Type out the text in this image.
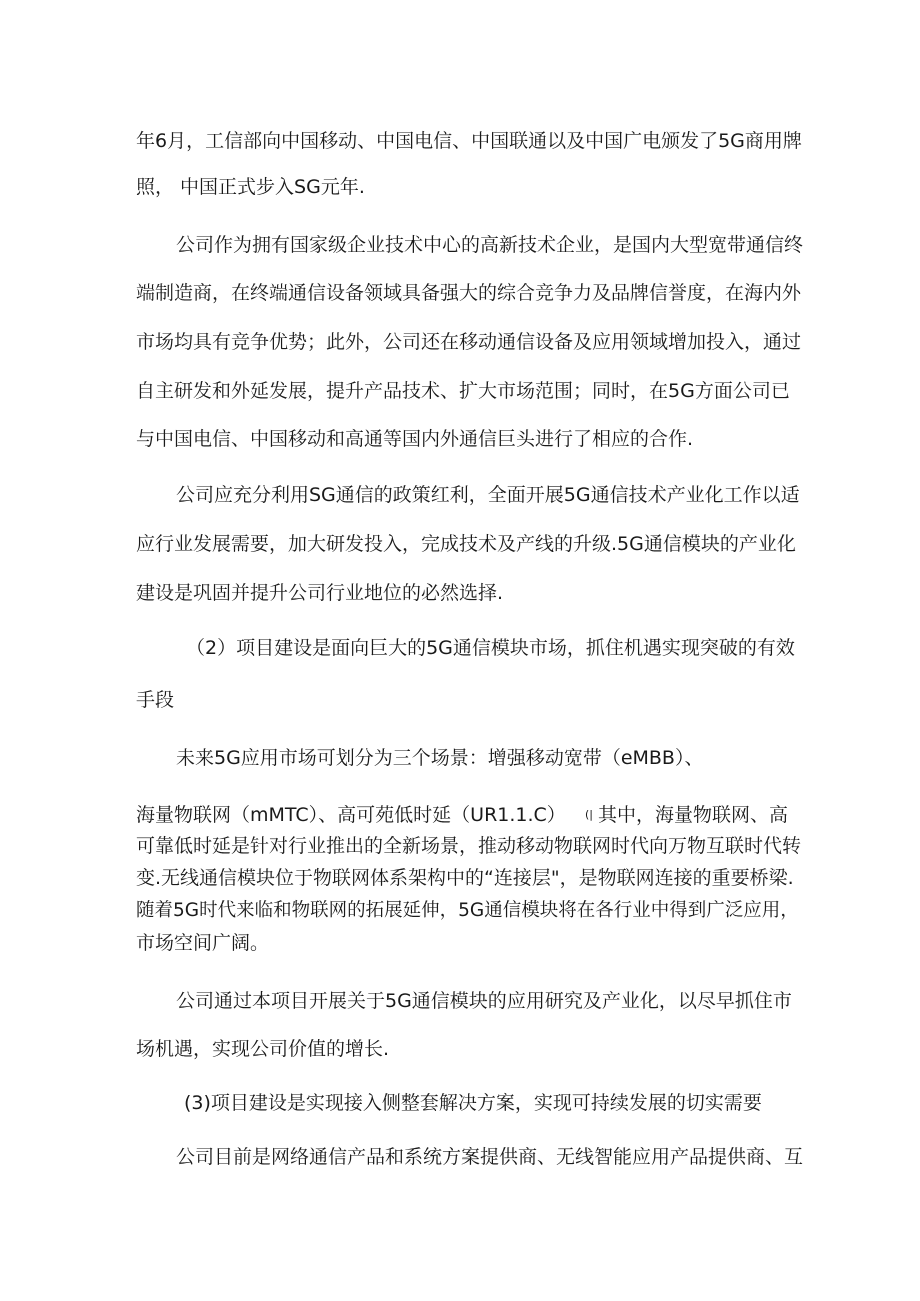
年6月，工信部向中国移动、中国电信、中国联通以及中国广电颁发了5G商用牌
照， 中国正式步入SG元年.
公司作为拥有国家级企业技术中心的高新技术企业，是国内大型宽带通信终
端制造商，在终端通信设备领域具备强大的综合竞争力及品牌信誉度，在海内外
市场均具有竞争优势；此外，公司还在移动通信设备及应用领域增加投入，通过
自主研发和外延发展，提升产品技术、扩大市场范围；同时，在5G方面公司已
与中国电信、中国移动和高通等国内外通信巨头进行了相应的合作.
公司应充分利用SG通信的政策红利，全面开展5G通信技术产业化工作以适
应行业发展需要，加大研发投入，完成技术及产线的升级.5G通信模块的产业化
建设是巩固并提升公司行业地位的必然选择.
（2）项目建设是面向巨大的5G通信模块市场，抓住机遇实现突破的有效
手段
未来5G应用市场可划分为三个场景：增强移动宽带（eMBB）、
海量物联网（mMTC）、高可苑低时延（UR1.1.C） (| 其中，海量物联网、高
可靠低时延是针对行业推出的全新场景，推动移动物联网时代向万物互联时代转
变.无线通信模块位于物联网体系架构中的“连接层"，是物联网连接的重要桥梁.
随着5G时代来临和物联网的拓展延伸，5G通信模块将在各行业中得到广泛应用，
市场空间广阔。
公司通过本项目开展关于5G通信模块的应用研究及产业化，以尽早抓住市
场机遇，实现公司价值的增长.
(3)项目建设是实现接入侧整套解决方案，实现可持续发展的切实需要
公司目前是网络通信产品和系统方案提供商、无线智能应用产品提供商、互
